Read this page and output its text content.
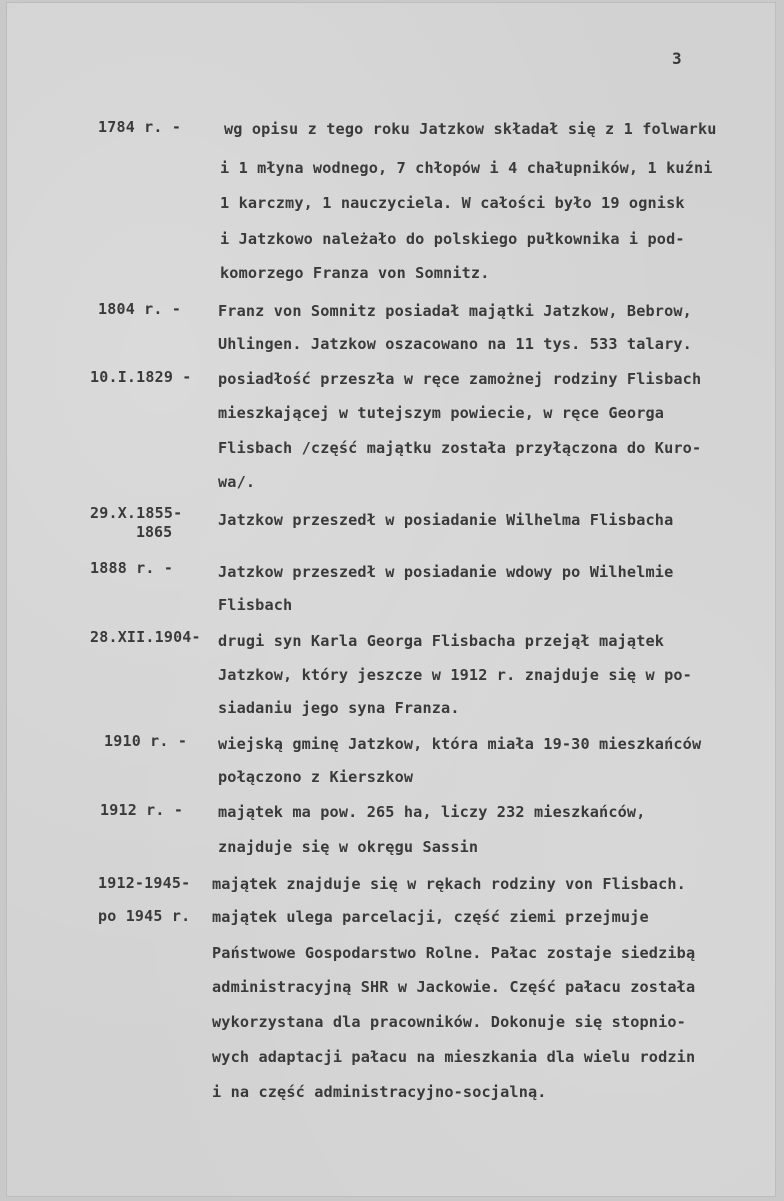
3
1784 r. -	wg opisu z tego roku Jatzkow składał się z 1 folwarku
i 1 młyna wodnego, 7 chłopów i 4 chałupników, 1 kuźni
1 karczmy, 1 nauczyciela. W całości było 19 ognisk
i Jatzkowo należało do polskiego pułkownika i pod-
komorzego Franza von Somnitz.
1804 r. - Franz von Somnitz posiadał majątki Jatzkow, Bebrow,
Uhlingen. Jatzkow oszacowano na 11 tys. 533 talary.
10.I.1829 - posiadłość przeszła w ręce zamożnej rodziny Flisbach
mieszkającej w tutejszym powiecie, w ręce Georga
Flisbach /część majątku została przyłączona do Kuro-
wa/.
29.X.1855-
1865
Jatzkow przeszedł w posiadanie Wilhelma Flisbacha
1888 r. -	Jatzkow przeszedł w posiadanie wdowy po Wilhelmie
Flisbach
28.XII.1904- drugi syn Karla Georga Flisbacha przejął majątek
Jatzkow, który jeszcze w 1912 r. znajduje się w po-
siadaniu jego syna Franza.
1910 r. - wiejską gminę Jatzkow, która miała 19-30 mieszkańców
połączono z Kierszkow
1912 r. - majątek ma pow. 265 ha, liczy 232 mieszkańców,
znajduje się w okręgu Sassin
1912-1945- majątek znajduje się w rękach rodziny von Flisbach.
po 1945 r. majątek ulega parcelacji, część ziemi przejmuje
Państwowe Gospodarstwo Rolne. Pałac zostaje siedzibą
administracyjną SHR w Jackowie. Część pałacu została
wykorzystana dla pracowników. Dokonuje się stopnio-
wych adaptacji pałacu na mieszkania dla wielu rodzin
i na część administracyjno-socjalną.
